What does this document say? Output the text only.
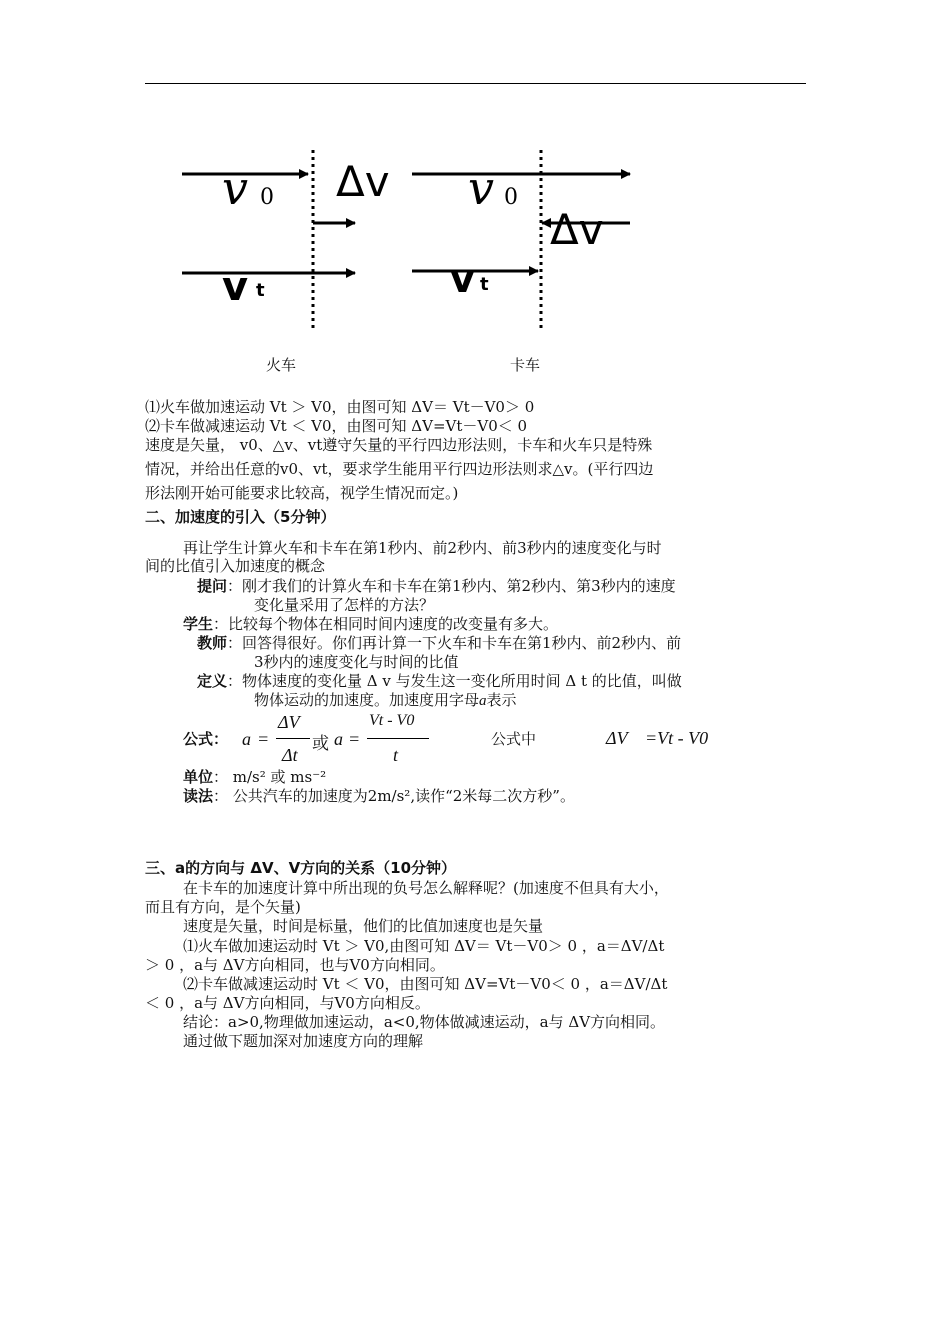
v 0 Δv
v t
v 0
Δv
v t
火车	卡车
⑴火车做加速运动 Vt ＞ V0，由图可知 ΔV＝ Vt－V0＞ 0
⑵卡车做减速运动 Vt ＜ V0，由图可知 ΔV=Vt－V0＜ 0
速度是矢量， v0、△v、vt遵守矢量的平行四边形法则，卡车和火车只是特殊
情况，并给出任意的v0、vt，要求学生能用平行四边形法则求△v。(平行四边
形法刚开始可能要求比较高，视学生情况而定。)
二、加速度的引入（5分钟）
再让学生计算火车和卡车在第1秒内、前2秒内、前3秒内的速度变化与时
间的比值引入加速度的概念
提问：刚才我们的计算火车和卡车在第1秒内、第2秒内、第3秒内的速度
变化量采用了怎样的方法？
学生：比较每个物体在相同时间内速度的改变量有多大。
教师：回答得很好。你们再计算一下火车和卡车在第1秒内、前2秒内、前
3秒内的速度变化与时间的比值
定义：物体速度的变化量 Δ v 与发生这一变化所用时间 Δ t 的比值，叫做
物体运动的加速度。加速度用字母a表示
公式： a =
ΔV
Δt
或 a =
Vt - V0
t
公式中	ΔV =Vt - V0
单位： m/s² 或 ms⁻²
读法： 公共汽车的加速度为2m/s²,读作“2米每二次方秒”。
三、a的方向与 ΔV、V方向的关系（10分钟）
在卡车的加速度计算中所出现的负号怎么解释呢？(加速度不但具有大小，
而且有方向，是个矢量)
速度是矢量，时间是标量，他们的比值加速度也是矢量
⑴火车做加速运动时 Vt ＞ V0,由图可知 ΔV＝ Vt－V0＞ 0 ，a＝ΔV/Δt
＞ 0 ，a与 ΔV方向相同，也与V0方向相同。
⑵卡车做减速运动时 Vt ＜ V0，由图可知 ΔV=Vt－V0＜ 0 ，a＝ΔV/Δt
＜ 0 ，a与 ΔV方向相同，与V0方向相反。
结论：a>0,物理做加速运动，a<0,物体做减速运动，a与 ΔV方向相同。
通过做下题加深对加速度方向的理解
